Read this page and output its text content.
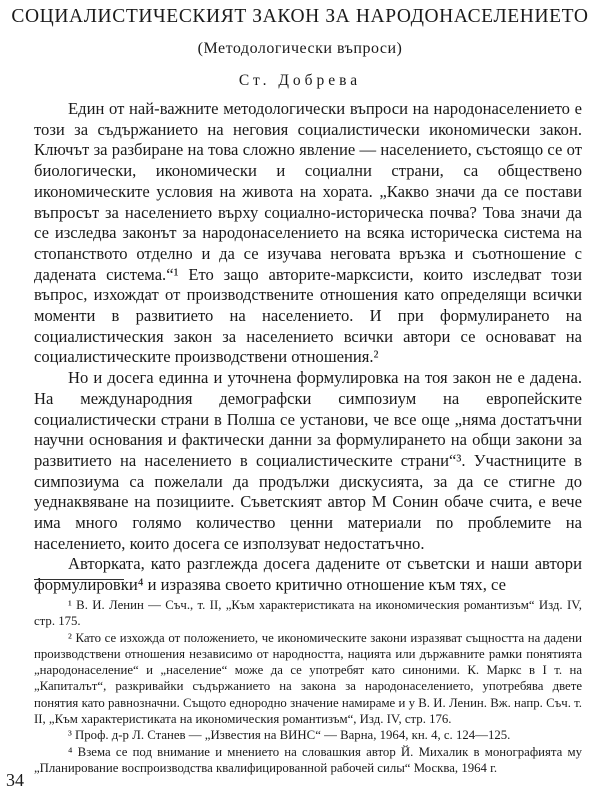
СОЦИАЛИСТИЧЕСКИЯТ ЗАКОН ЗА НАРОДОНАСЕЛЕНИЕТО
(Методологически въпроси)
Ст. Добрева

Един от най-важните методологически въпроси на народонаселението е този за съдържанието на неговия социалистически икономически закон. Ключът за разбиране на това сложно явление — населението, състоящо се от биологически, икономически и социални страни, са обществено икономическите условия на живота на хората. „Какво значи да се постави въпросът за населението върху социално-историческа почва? Това значи да се изследва законът за народонаселението на всяка историческа система на стопанството отделно и да се изучава неговата връзка и съотношение с дадената система.“¹ Ето защо авторите-марксисти, които изследват този въпрос, изхождат от производствените отношения като определящи всички моменти в развитието на населението. И при формулирането на социалистическия закон за населението всички автори се основават на социалистическите производствени отношения.²

Но и досега единна и уточнена формулировка на тоя закон не е дадена. На международния демографски симпозиум на европейските социалистически страни в Полша се установи, че все още „няма достатъчни научни основания и фактически данни за формулирането на общи закони за развитието на населението в социалистическите страни“³. Участниците в симпозиума са пожелали да продължи дискусията, за да се стигне до уеднаквяване на позициите. Съветският автор М Сонин обаче счита, е вече има много голямо количество ценни материали по проблемите на населението, които досега се използуват недостатъчно.

Авторката, като разглежда досега дадените от съветски и наши автори формулировки⁴ и изразява своето критично отношение към тях, се

¹ В. И. Ленин — Съч., т. II, „Към характеристиката на икономическия романтизъм“ Изд. IV, стр. 175.

² Като се изхожда от положението, че икономическите закони изразяват същността на дадени производствени отношения независимо от народността, нацията или държавните рамки понятията „народонаселение“ и „население“ може да се употребят като синоними. К. Маркс в I т. на „Капиталът“, разкривайки съдържанието на закона за народонаселението, употребява двете понятия като равнозначни. Същото еднородно значение намираме и у В. И. Ленин. Вж. напр. Съч. т. II, „Към характеристиката на икономическия романтизъм“, Изд. IV, стр. 176.

³ Проф. д-р Л. Станев — „Известия на ВИНС“ — Варна, 1964, кн. 4, с. 124—125.

⁴ Взема се под внимание и мнението на словашкия автор Й. Михалик в монографията му „Планирование воспроизводства квалифицированной рабочей силы“ Москва, 1964 г.

34
